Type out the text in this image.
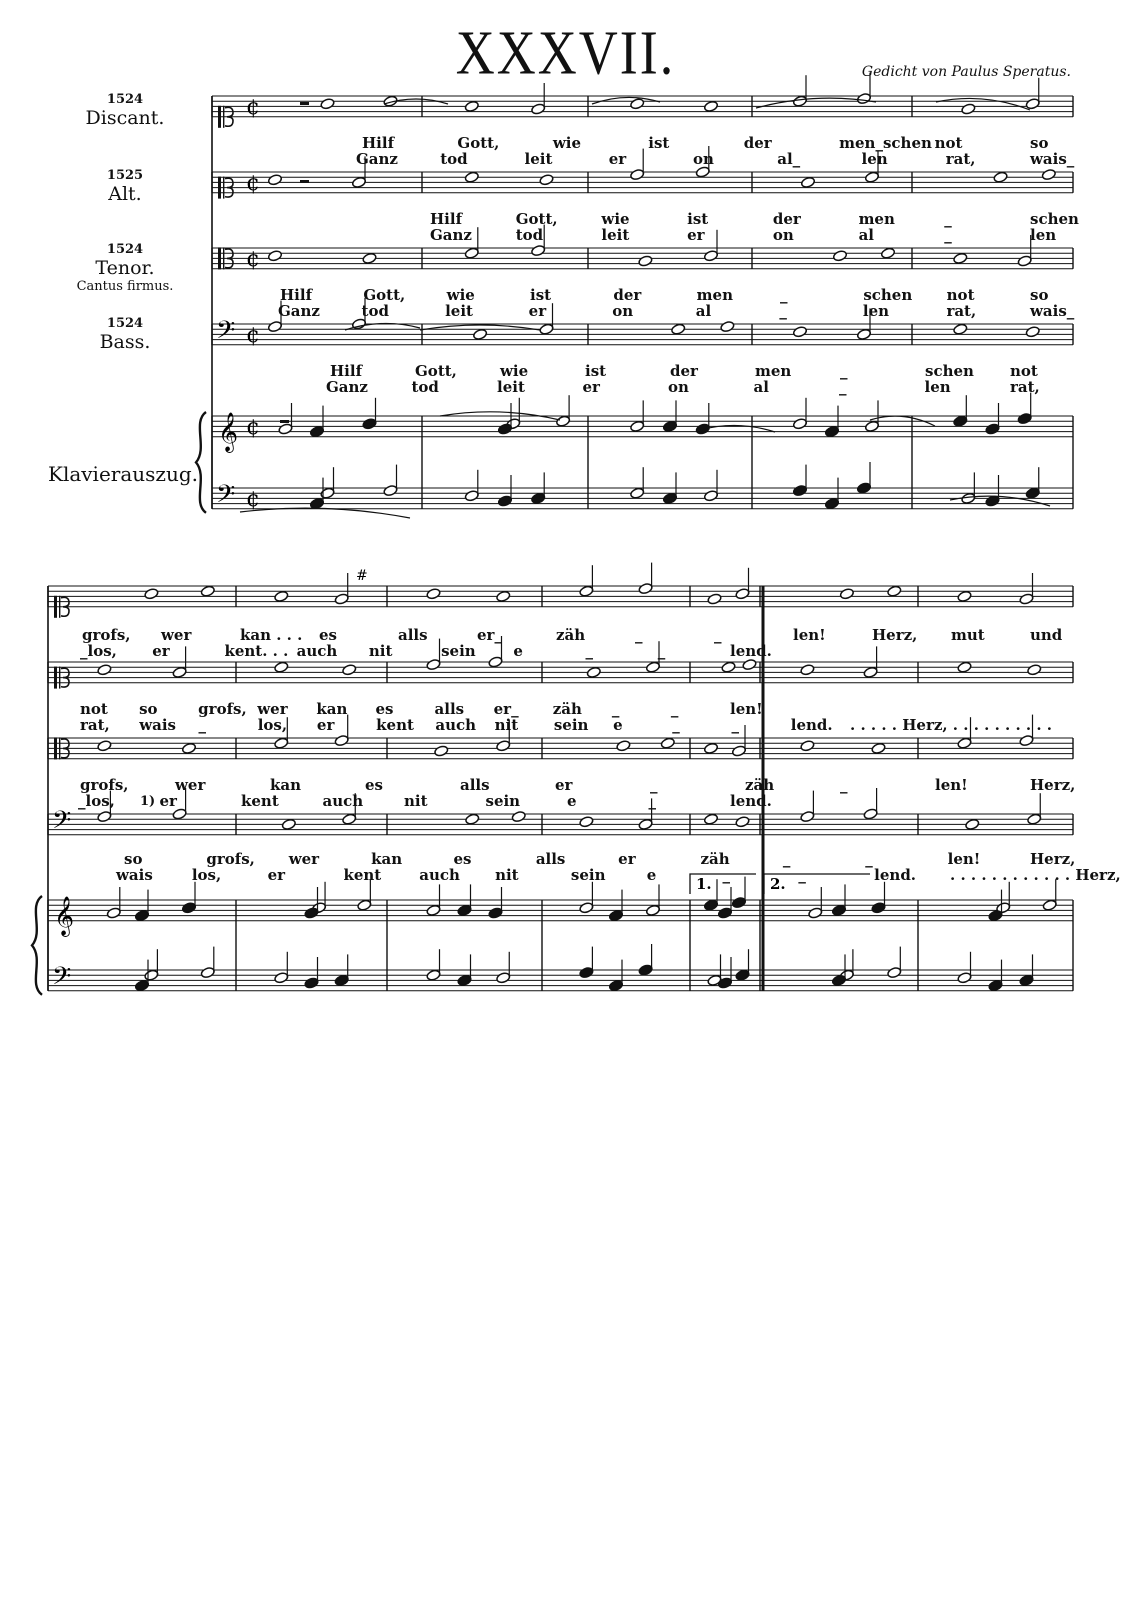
XXXVII.	Gedicht von Paulus Speratus.
1524
Discant.
1525
Alt.
1524
Tenor.
Cantus firmus.
1524
Bass.
Klavierauszug.
¢
¢
¢
𝄢 ¢
𝄞 ¢
𝄢 ¢
𝄢
𝄞
𝄢
1.	2.
#
Hilf	Gott,	wie	ist	der	men_schen not	so
Ganz	tod	leit	er	on	al_	len	rat,	wais_
Hilf	Gott,	wie	ist	der	men	_	schen
Ganz	tod	leit	er	on	al	_	len
Hilf	Gott,	wie	ist	der	men	_	schen not	so
Ganz	tod	leit	er	on	al	_	len	rat,	wais_
Hilf	Gott,	wie	ist	der	men	_	schen not
Ganz	tod	leit	er	on	al	_	len	rat,
grofs, wer	kan . . . es	alls	er_	zäh	_	_	len!	Herz, mut	und
_los, er	kent. . . auch nit	sein	e	_	_	lend.
not so	grofs, wer kan es	alls er_ zäh _	_	len!
rat, wais _	los, er	kent auch nit sein e	_	_	lend. . . . . . Herz, . . . . . . . . . .
grofs,	wer	kan	es	alls	er	_	zäh	_	len!	Herz,
_los,	er	kent	auch	nit	sein	e	_	lend.
so	grofs, wer	kan	es	alls	er	zäh	_	_	len!	Herz,
wais	los,	er	kent	auch nit	sein	e	_	_	lend. . . . . . . . . . . . . Herz,
1)
